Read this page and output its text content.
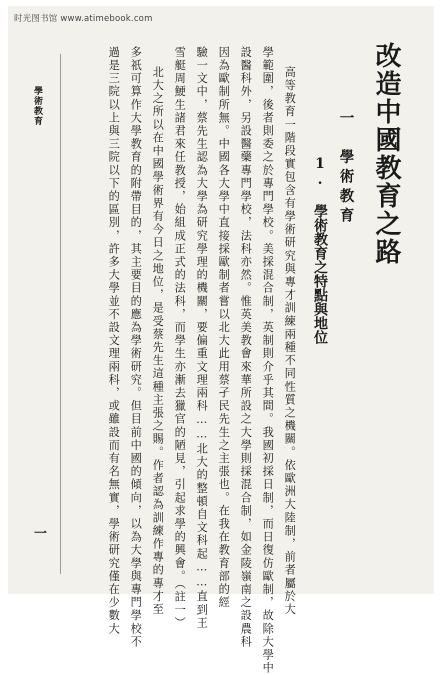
时光图书馆 www.atimebook.com
改造中國教育之路
一　學術教育
1. 學術教育之特點與地位
高等教育一階段實包含有學術研究與專才訓練兩種不同性質之機關。依歐洲大陸制，前者屬於大
學範圍，後者則委之於專門學校。美採混合制，英制則介乎其間。我國初採日制，而日復仿歐制，故除大學中
設醫科外，另設醫藥專門學校，法科亦然。惟英美教會來華所設之大學則採混合制，如金陵嶺南之設農科
因為歐制所無。中國各大學中直接採歐制者嘗以北大此用蔡孑民先生之主張也。在我在教育部的經
驗一文中，蔡先生認為大學為研究學理的機關，要偏重文理兩科……北大的整頓自文科起……直到王
雪艇周鯁生諸君來任教授，始組成正式的法科，而學生亦漸去獵官的陋見，引起求學的興會。（註一）
北大之所以在中國學術界有今日之地位，是受蔡先生這種主張之賜。作者認為訓練作專的專才至
多祇可算作大學教育的附帶目的，其主要目的應為學術研究。但目前中國的傾向，以為大學與專門學校不
過是三院以上與三院以下的區別，許多大學並不設文理兩科，或雖設而有名無實，學術研究僅在少數大
學術教育
一
